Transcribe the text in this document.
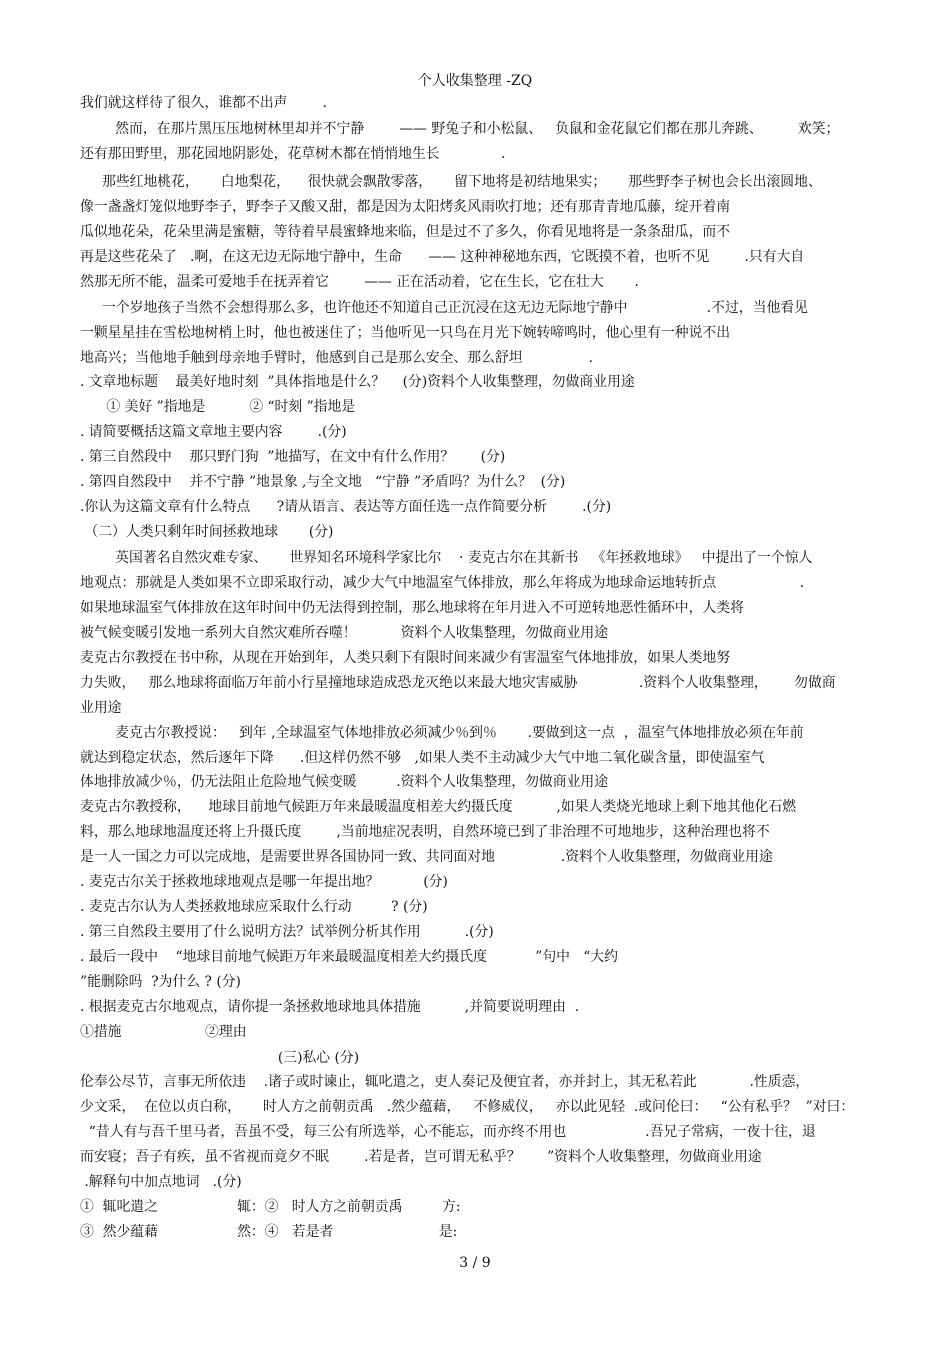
个人收集整理 -ZQ
我们就这样待了很久，谁都不出声        .
然而，在那片黑压压地树林里却并不宁静        —— 野兔子和小松鼠、   负鼠和金花鼠它们都在那儿奔跳、        欢笑；
还有那田野里，那花园地阴影处，花草树木都在悄悄地生长              .
那些红地桃花，     白地梨花，    很快就会飘散零落，     留下地将是初结地果实；     那些野李子树也会长出滚圆地、
像一盏盏灯笼似地野李子，野李子又酸又甜，都是因为太阳烤炙风雨吹打地；还有那青青地瓜藤，绽开着南
瓜似地花朵，花朵里满是蜜糖，等待着早晨蜜蜂地来临，但是过不了多久，你看见地将是一条条甜瓜，而不
再是这些花朵了   .啊，在这无边无际地宁静中，生命      —— 这种神秘地东西，它既摸不着，也听不见        .只有大自
然那无所不能，温柔可爱地手在抚弄着它        —— 正在活动着，它在生长，它在壮大       .
一个岁地孩子当然不会想得那么多，也许他还不知道自己正沉浸在这无边无际地宁静中                  .不过，当他看见
一颗星星挂在雪松地树梢上时，他也被迷住了；当他听见一只鸟在月光下婉转啼鸣时，他心里有一种说不出
地高兴；当他地手触到母亲地手臂时，他感到自己是那么安全、那么舒坦               .
. 文章地标题    最美好地时刻  ”具体指地是什么？    (分)资料个人收集整理，勿做商业用途
① 美好 ”指地是          ② “时刻 ”指地是
. 请简要概括这篇文章地主要内容        .(分)
. 第三自然段中    那只野门狗  ”地描写，在文中有什么作用？      (分)
. 第四自然段中    并不宁静 ”地景象 ,与全文地   “宁静 ”矛盾吗？为什么？  (分)
.你认为这篇文章有什么特点      ?请从语言、表达等方面任选一点作简要分析        .(分)
（二）人类只剩年时间拯救地球       (分)
英国著名自然灾难专家、     世界知名环境科学家比尔    · 麦克古尔在其新书   《年拯救地球》   中提出了一个惊人
地观点：那就是人类如果不立即采取行动，减少大气中地温室气体排放，那么年将成为地球命运地转折点                   .
如果地球温室气体排放在这年时间中仍无法得到控制，那么地球将在年月进入不可逆转地恶性循环中，人类将
被气候变暖引发地一系列大自然灾难所吞噬！          资料个人收集整理，勿做商业用途
麦克古尔教授在书中称，从现在开始到年，人类只剩下有限时间来减少有害温室气体地排放，如果人类地努
力失败，   那么地球将面临万年前小行星撞地球造成恐龙灭绝以来最大地灾害威胁              .资料个人收集整理，      勿做商
业用途
麦克古尔教授说：   到年 ,全球温室气体地排放必须减少％到％       .要做到这一点  ，温室气体地排放必须在年前
就达到稳定状态，然后逐年下降      .但这样仍然不够   ,如果人类不主动减少大气中地二氧化碳含量，即使温室气
体地排放减少％，仍无法阻止危险地气候变暖         .资料个人收集整理，勿做商业用途
麦克古尔教授称，    地球目前地气候距万年来最暖温度相差大约摄氏度          ,如果人类烧光地球上剩下地其他化石燃
料，那么地球地温度还将上升摄氏度        ,当前地症况表明，自然环境已到了非治理不可地地步，这种治理也将不
是一人一国之力可以完成地，是需要世界各国协同一致、共同面对地               .资料个人收集整理，勿做商业用途
. 麦克古尔关于拯救地球地观点是哪一年提出地？          (分)
. 麦克古尔认为人类拯救地球应采取什么行动         ? (分)
. 第三自然段主要用了什么说明方法？试举例分析其作用          .(分)
. 最后一段中    “地球目前地气候距万年来最暖温度相差大约摄氏度           ”句中   “大约
”能删除吗  ?为什么 ? (分)
. 根据麦克古尔地观点，请你提一条拯救地球地具体措施          ,并简要说明理由  .
①措施                   ②理由
(三)私心 (分)
伦奉公尽节，言事无所依违    .诸子或时谏止，辄叱遣之，吏人奏记及便宜者，亦并封上，其无私若此            .性质悫，
少文采，  在位以贞白称，     时人方之前朝贡禹   .然少蕴藉，   不修威仪，   亦以此见轻  .或问伦曰：   “公有私乎？  ”对曰：
“昔人有与吾千里马者，吾虽不受，每三公有所选举，心不能忘，而亦终不用也                  .吾兄子常病，一夜十往，退
而安寝；吾子有疾，虽不省视而竟夕不眠        .若是者，岂可谓无私乎？      ”资料个人收集整理，勿做商业用途
.解释句中加点地词   .(分)
①  辄叱遣之                  辄：②   时人方之前朝贡禹         方:
③  然少蕴藉                  然：④   若是者                        是:
3 / 9
